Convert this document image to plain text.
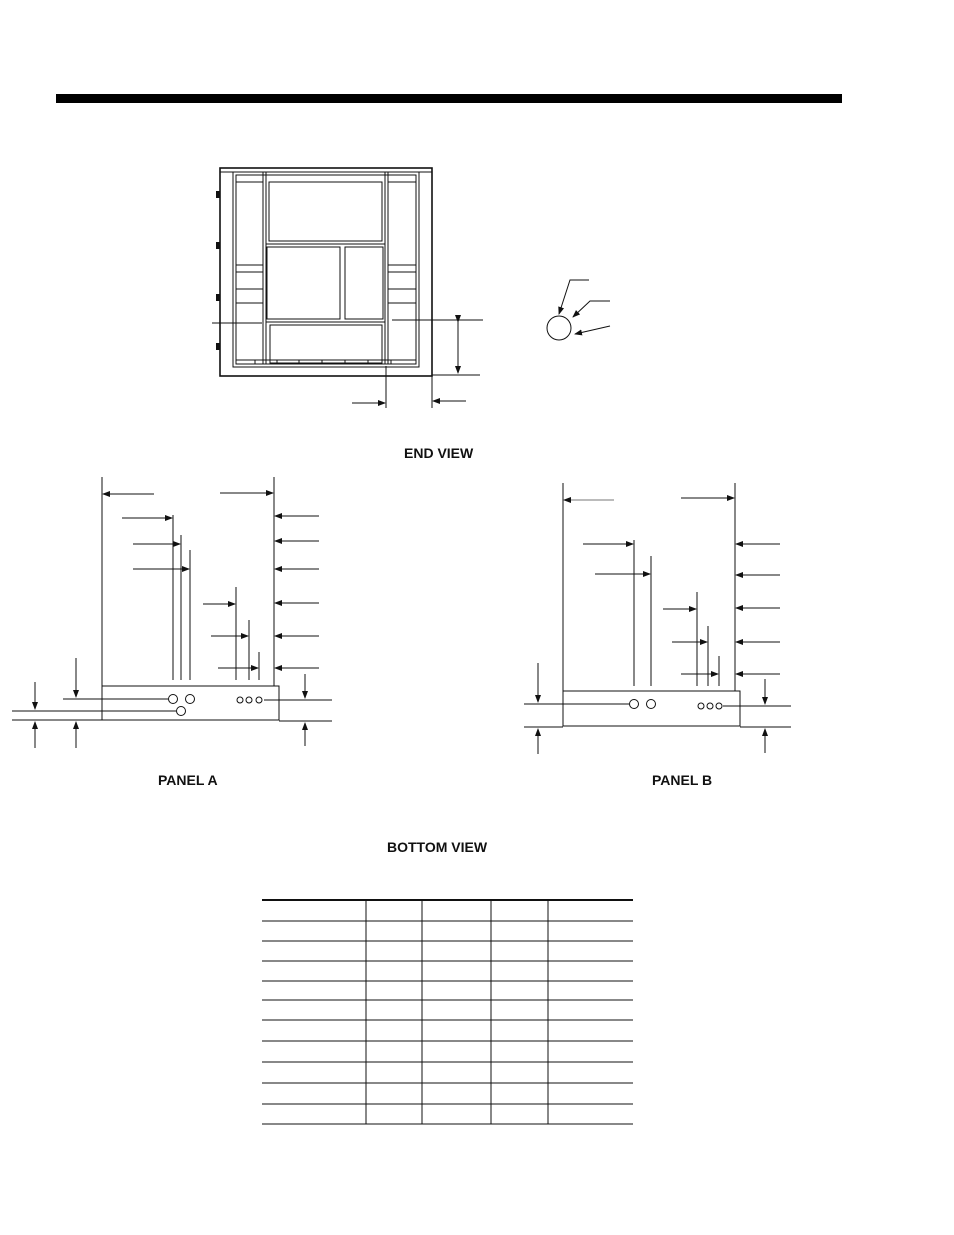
END VIEW
PANEL A	PANEL B
BOTTOM VIEW
